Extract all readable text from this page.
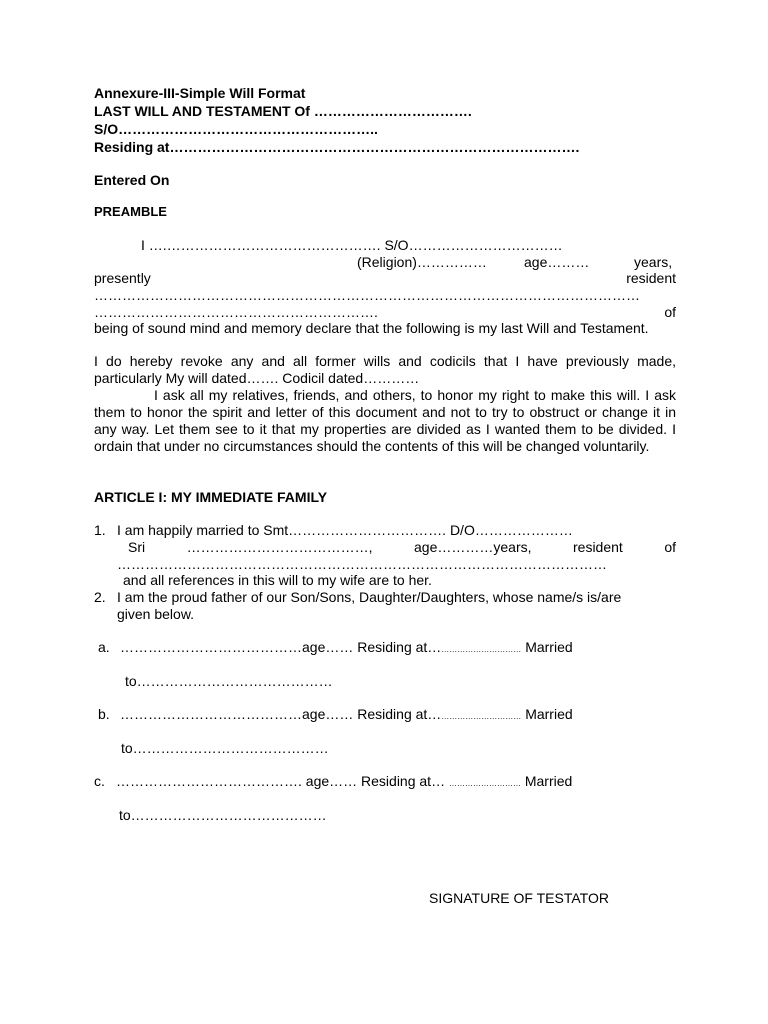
Annexure-III-Simple Will Format
LAST WILL AND TESTAMENT Of …………………………….
S/O………………………………………………..
Residing at…………………………………………………………………………….
Entered On
PREAMBLE
I ….………………………………………. S/O……………………………
(Religion)……………	age………	years,
presently	resident
………………………………………………………………………………………………………
…………………………………………………….	of
being of sound mind and memory declare that the following is my last Will and Testament.
I do hereby revoke any and all former wills and codicils that I have previously made, particularly My will dated……. Codicil dated…………
I ask all my relatives, friends, and others, to honor my right to make this will. I ask them to honor the spirit and letter of this document and not to try to obstruct or change it in any way. Let them see to it that my properties are divided as I wanted them to be divided. I ordain that under no circumstances should the contents of this will be changed voluntarily.
ARTICLE I: MY IMMEDIATE FAMILY
1. I am happily married to Smt……………………………. D/O…………………
Sri	…………………………………,	age…………years,	resident	of
……………………………………………………………………………………………
and all references in this will to my wife are to her.
2. I am the proud father of our Son/Sons, Daughter/Daughters, whose name/s is/are
given below.
a. …………………………………age…… Residing at…………………………… Married
to……………………………………
b. …………………………………age…… Residing at…………………………… Married
to……………………………………
c. …………………………………. age…… Residing at… ……………………… Married
to……………………………………
SIGNATURE OF TESTATOR
